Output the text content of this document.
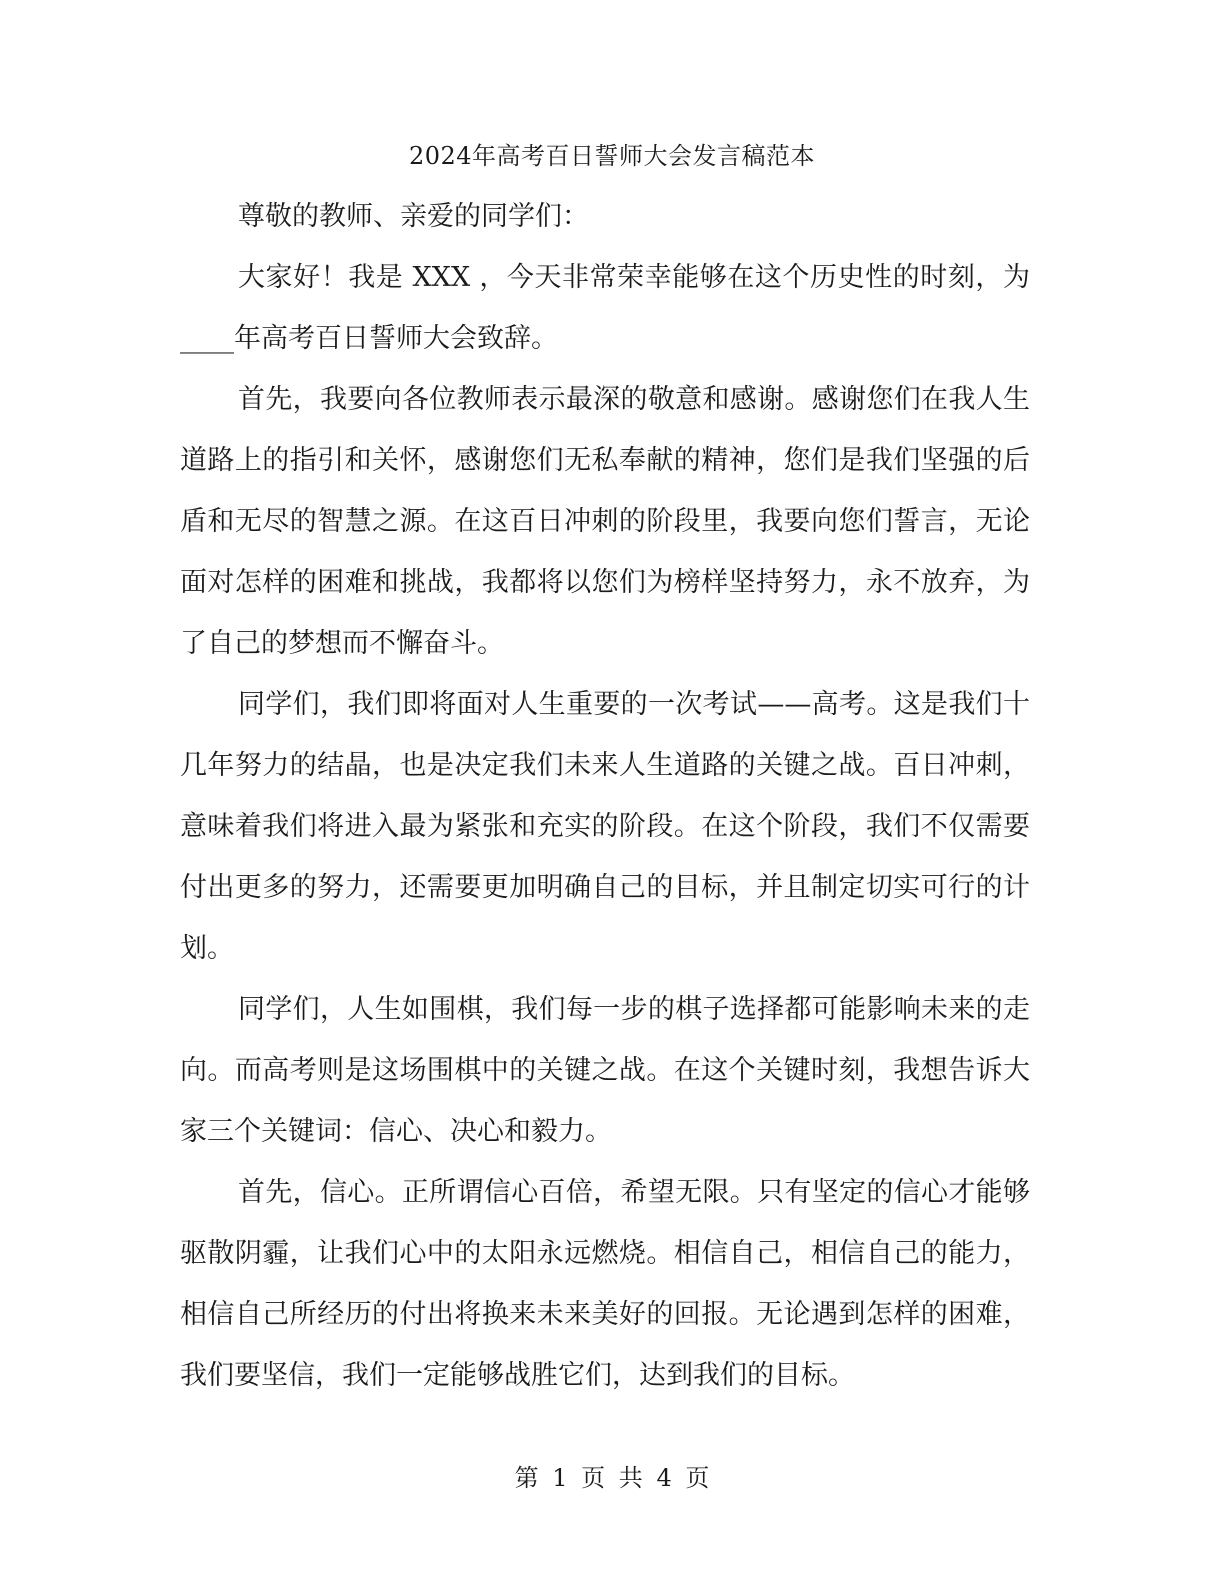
2024年高考百日誓师大会发言稿范本

尊敬的教师、亲爱的同学们：

大家好！我是 XXX ，今天非常荣幸能够在这个历史性的时刻，为____年高考百日誓师大会致辞。

首先，我要向各位教师表示最深的敬意和感谢。感谢您们在我人生道路上的指引和关怀，感谢您们无私奉献的精神，您们是我们坚强的后盾和无尽的智慧之源。在这百日冲刺的阶段里，我要向您们誓言，无论面对怎样的困难和挑战，我都将以您们为榜样坚持努力，永不放弃，为了自己的梦想而不懈奋斗。

同学们，我们即将面对人生重要的一次考试——高考。这是我们十几年努力的结晶，也是决定我们未来人生道路的关键之战。百日冲刺，意味着我们将进入最为紧张和充实的阶段。在这个阶段，我们不仅需要付出更多的努力，还需要更加明确自己的目标，并且制定切实可行的计划。

同学们，人生如围棋，我们每一步的棋子选择都可能影响未来的走向。而高考则是这场围棋中的关键之战。在这个关键时刻，我想告诉大家三个关键词：信心、决心和毅力。

首先，信心。正所谓信心百倍，希望无限。只有坚定的信心才能够驱散阴霾，让我们心中的太阳永远燃烧。相信自己，相信自己的能力，相信自己所经历的付出将换来未来美好的回报。无论遇到怎样的困难，我们要坚信，我们一定能够战胜它们，达到我们的目标。

第 1 页 共 4 页
